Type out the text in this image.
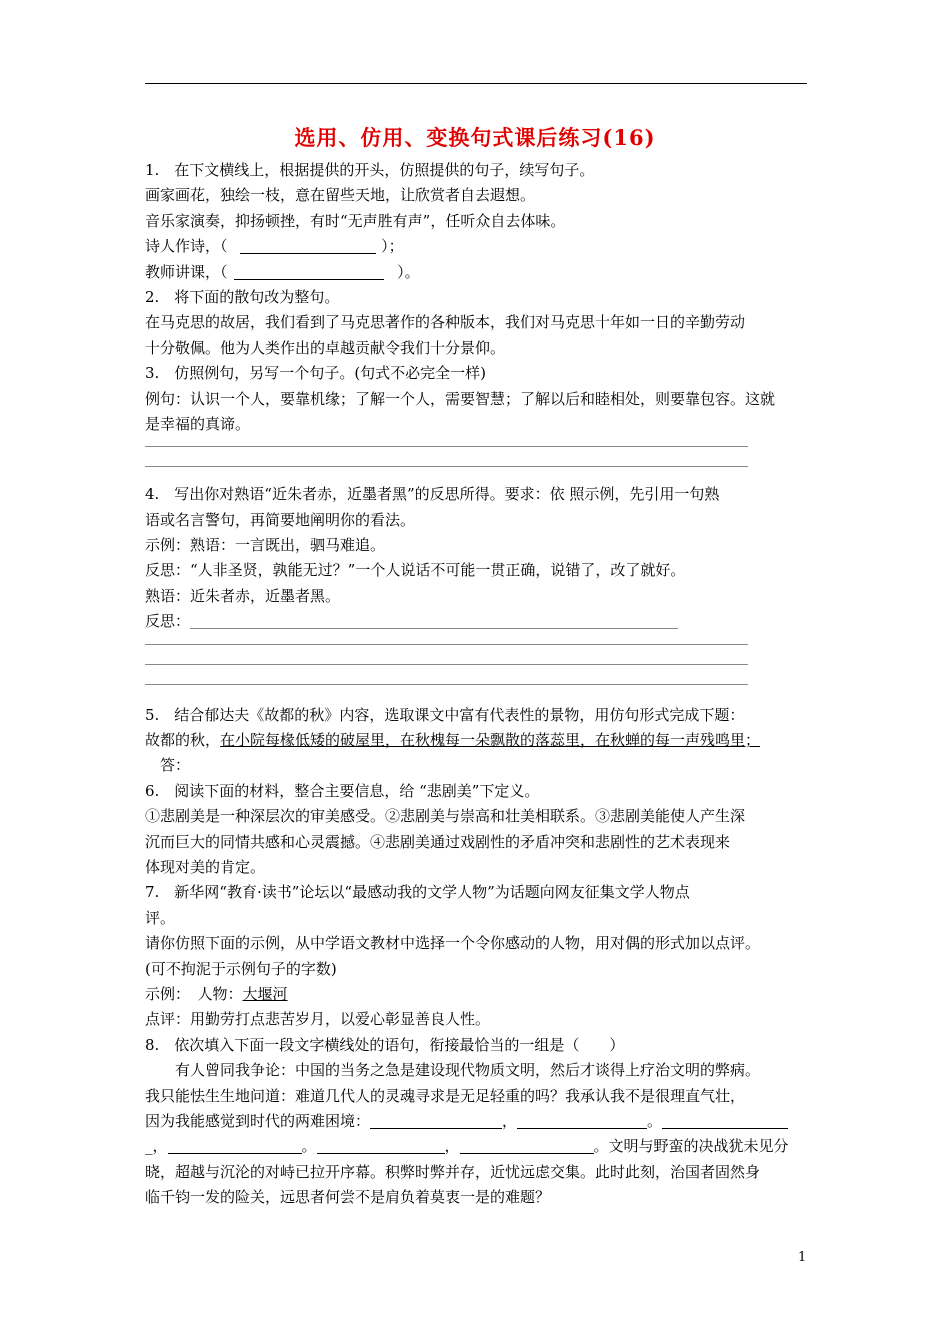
选用、仿用、变换句式课后练习(16)
1.　在下文横线上，根据提供的开头，仿照提供的句子，续写句子。
画家画花，独绘一枝，意在留些天地，让欣赏者自去遐想。
音乐家演奏，抑扬顿挫，有时“无声胜有声”，任听众自去体味。
诗人作诗，（	）；
教师讲课，（	）。
2.　将下面的散句改为整句。
在马克思的故居，我们看到了马克思著作的各种版本，我们对马克思十年如一日的辛勤劳动
十分敬佩。他为人类作出的卓越贡献令我们十分景仰。
3.　仿照例句，另写一个句子。(句式不必完全一样)
例句：认识一个人，要靠机缘；了解一个人，需要智慧；了解以后和睦相处，则要靠包容。这就
是幸福的真谛。
4.　写出你对熟语“近朱者赤，近墨者黑”的反思所得。要求：依 照示例，先引用一句熟
语或名言警句，再简要地阐明你的看法。
示例：熟语：一言既出，驷马难追。
反思：“人非圣贤，孰能无过？”一个人说话不可能一贯正确，说错了，改了就好。
熟语：近朱者赤，近墨者黑。
反思：
5.　结合郁达夫《故都的秋》内容，选取课文中富有代表性的景物，用仿句形式完成下题：
故都的秋，在小院每椽低矮的破屋里，在秋槐每一朵飘散的落蕊里，在秋蝉的每一声残鸣里；
答：
6.　阅读下面的材料，整合主要信息，给 “悲剧美”下定义。
①悲剧美是一种深层次的审美感受。②悲剧美与崇高和壮美相联系。③悲剧美能使人产生深
沉而巨大的同情共感和心灵震撼。④悲剧美通过戏剧性的矛盾冲突和悲剧性的艺术表现来
体现对美的肯定。
7.　新华网“教育·读书”论坛以“最感动我的文学人物”为话题向网友征集文学人物点
评。
请你仿照下面的示例，从中学语文教材中选择一个令你感动的人物，用对偶的形式加以点评。
(可不拘泥于示例句子的字数)
示例：　人物：大堰河
点评：用勤劳打点悲苦岁月，以爱心彰显善良人性。
8.　依次填入下面一段文字横线处的语句，衔接最恰当的一组是（　　）
有人曾同我争论：中国的当务之急是建设现代物质文明，然后才谈得上疗治文明的弊病。
我只能怯生生地问道：难道几代人的灵魂寻求是无足轻重的吗？我承认我不是很理直气壮，
因为我能感觉到时代的两难困境：	，	。
_，	。	，	。文明与野蛮的决战犹未见分
晓，超越与沉沦的对峙已拉开序幕。积弊时弊并存，近忧远虑交集。此时此刻，治国者固然身
临千钧一发的险关，远思者何尝不是肩负着莫衷一是的难题？
1
